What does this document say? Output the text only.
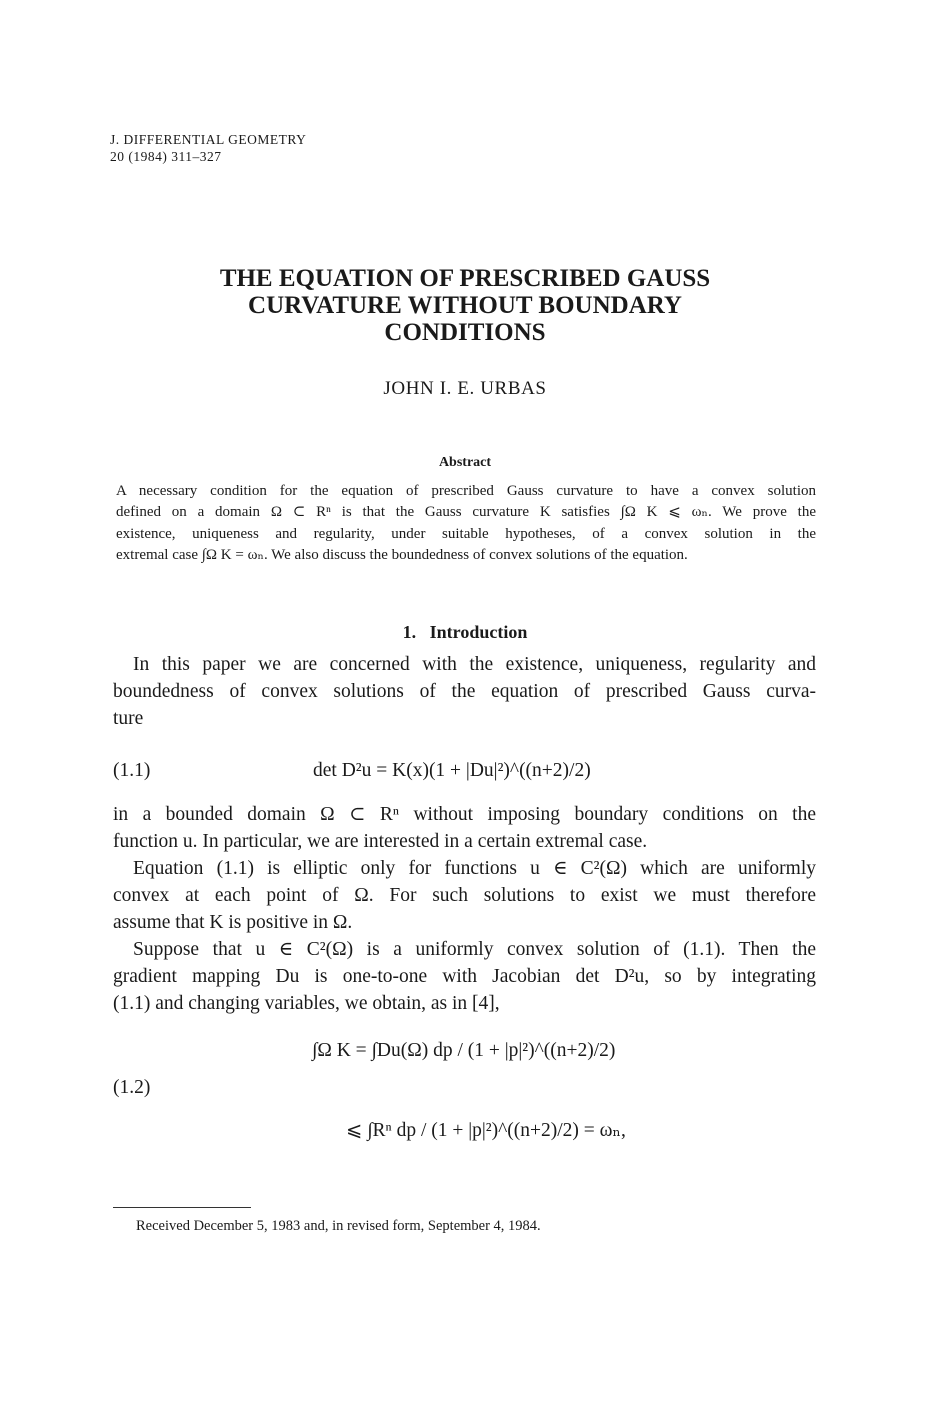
J. DIFFERENTIAL GEOMETRY
20 (1984) 311–327
THE EQUATION OF PRESCRIBED GAUSS
CURVATURE WITHOUT BOUNDARY
CONDITIONS
JOHN I. E. URBAS
Abstract
A necessary condition for the equation of prescribed Gauss curvature to have a convex solution
defined on a domain Ω ⊂ Rⁿ is that the Gauss curvature K satisfies ∫Ω K ⩽ ωₙ. We prove the
existence, uniqueness and regularity, under suitable hypotheses, of a convex solution in the
extremal case ∫Ω K = ωₙ. We also discuss the boundedness of convex solutions of the equation.
1. Introduction
In this paper we are concerned with the existence, uniqueness, regularity and
boundedness of convex solutions of the equation of prescribed Gauss curva-
ture
(1.1)	det D²u = K(x)(1 + |Du|²)^((n+2)/2)
in a bounded domain Ω ⊂ Rⁿ without imposing boundary conditions on the
function u. In particular, we are interested in a certain extremal case.
Equation (1.1) is elliptic only for functions u ∈ C²(Ω) which are uniformly
convex at each point of Ω. For such solutions to exist we must therefore
assume that K is positive in Ω.
Suppose that u ∈ C²(Ω) is a uniformly convex solution of (1.1). Then the
gradient mapping Du is one-to-one with Jacobian det D²u, so by integrating
(1.1) and changing variables, we obtain, as in [4],
(1.2)
∫Ω K = ∫Du(Ω) dp / (1 + |p|²)^((n+2)/2)
⩽ ∫Rⁿ dp / (1 + |p|²)^((n+2)/2) = ωₙ,
Received December 5, 1983 and, in revised form, September 4, 1984.
